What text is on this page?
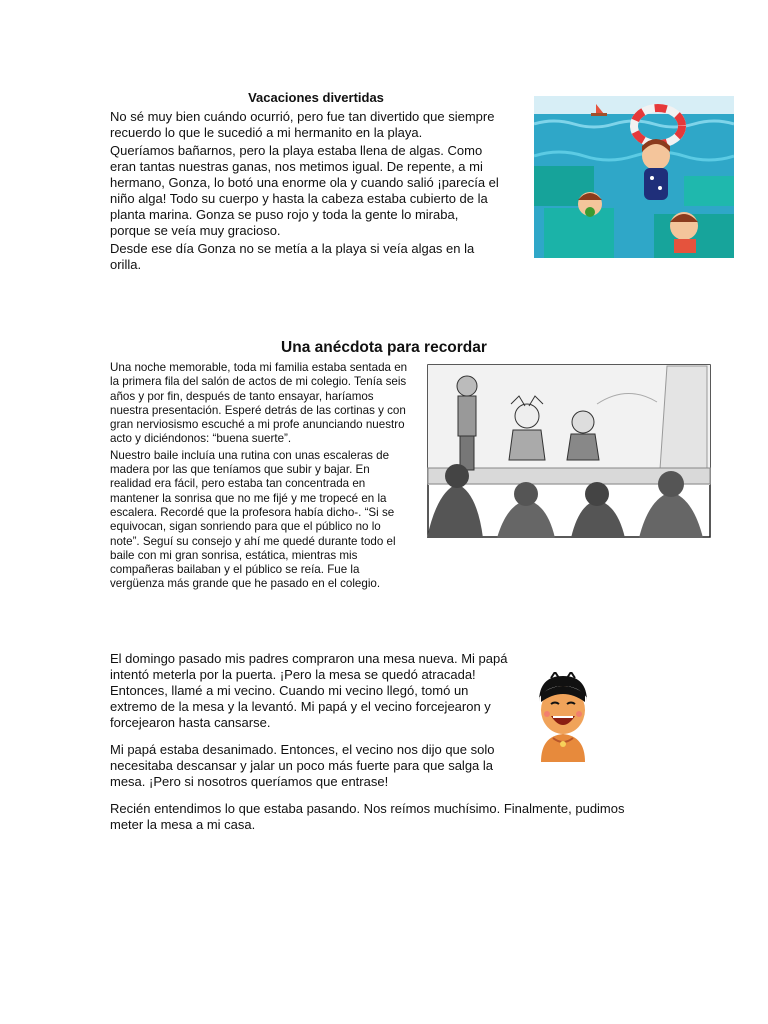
Vacaciones divertidas

No sé muy bien cuándo ocurrió, pero fue tan divertido que siempre recuerdo lo que le sucedió a mi hermanito en la playa.

Queríamos bañarnos, pero la playa estaba llena de algas. Como eran tantas nuestras ganas, nos metimos igual. De repente, a mi hermano, Gonza, lo botó una enorme ola y cuando salió ¡parecía el niño alga! Todo su cuerpo y hasta la cabeza estaba cubierto de la planta marina. Gonza se puso rojo y toda la gente lo miraba, porque se veía muy gracioso.

Desde ese día Gonza no se metía a la playa si veía algas en la orilla.

Una anécdota para recordar

Una noche memorable, toda mi familia estaba sentada en la primera fila del salón de actos de mi colegio. Tenía seis años y por fin, después de tanto ensayar, haríamos nuestra presentación. Esperé detrás de las cortinas y con gran nerviosismo escuché a mi profe anunciando nuestro acto y diciéndonos: “buena suerte”.

Nuestro baile incluía una rutina con unas escaleras de madera por las que teníamos que subir y bajar. En realidad era fácil, pero estaba tan concentrada en mantener la sonrisa que no me fijé y me tropecé en la escalera. Recordé que la profesora había dicho-. “Si se equivocan, sigan sonriendo para que el público no lo note”. Seguí su consejo y ahí me quedé durante todo el baile con mi gran sonrisa, estática, mientras mis compañeras bailaban y el público se reía. Fue la vergüenza más grande que he pasado en el colegio.

El domingo pasado mis padres compraron una mesa nueva. Mi papá intentó meterla por la puerta. ¡Pero la mesa se quedó atracada! Entonces, llamé a mi vecino. Cuando mi vecino llegó, tomó un extremo de la mesa y la levantó. Mi papá y el vecino forcejearon y forcejearon hasta cansarse.

Mi papá estaba desanimado. Entonces, el vecino nos dijo que solo necesitaba descansar y jalar un poco más fuerte para que salga la mesa. ¡Pero si nosotros queríamos que entrase!

Recién entendimos lo que estaba pasando. Nos reímos muchísimo. Finalmente, pudimos meter la mesa a mi casa.
